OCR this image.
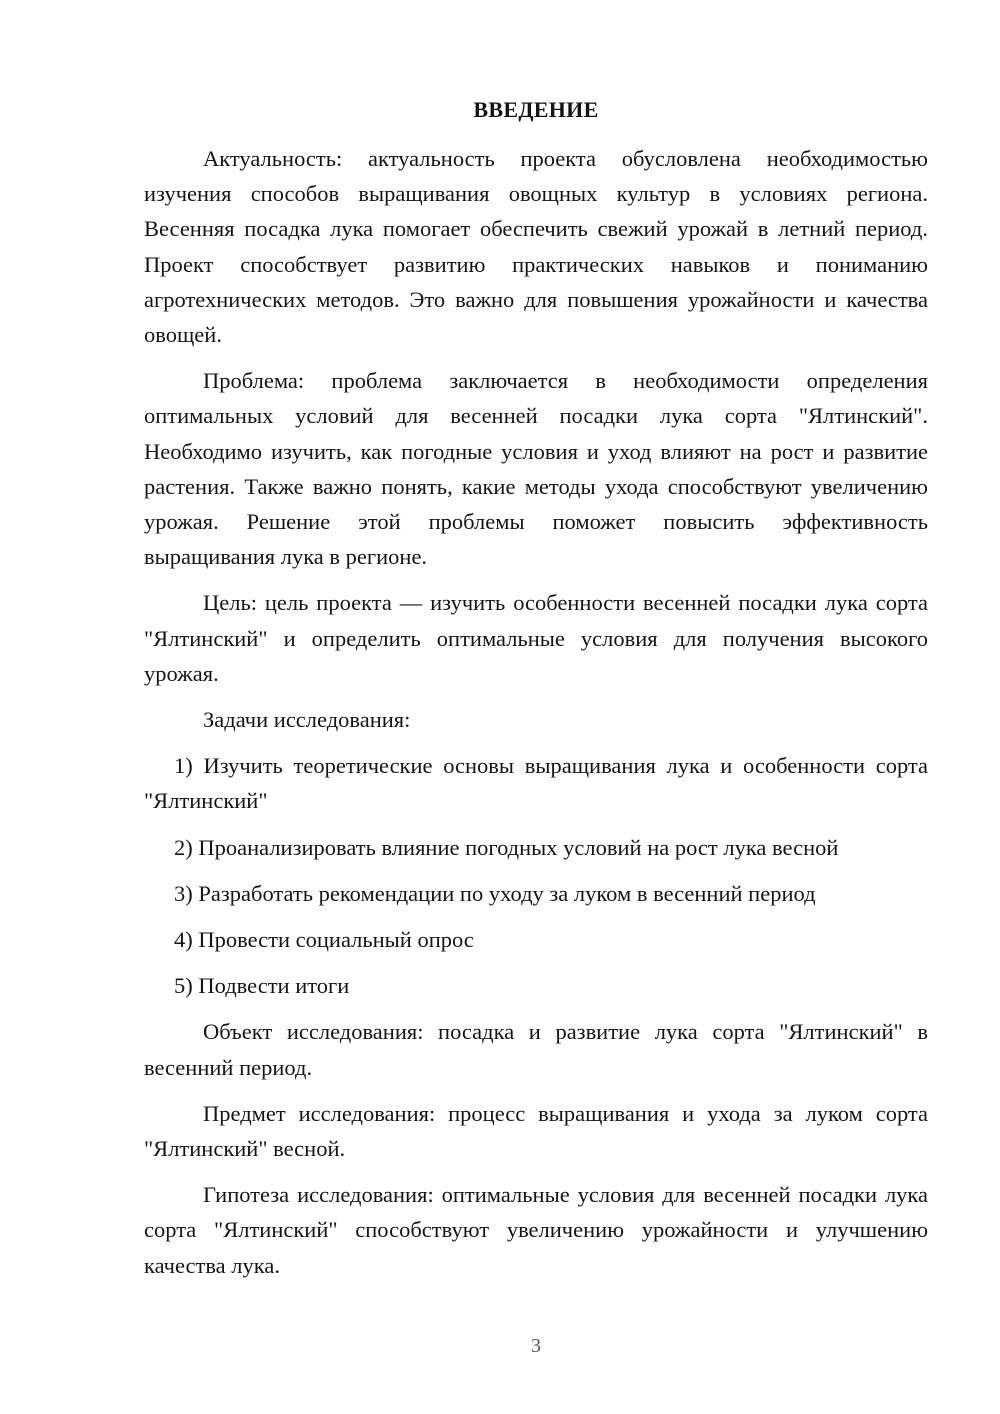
ВВЕДЕНИЕ

Актуальность: актуальность проекта обусловлена необходимостью изучения способов выращивания овощных культур в условиях региона. Весенняя посадка лука помогает обеспечить свежий урожай в летний период. Проект способствует развитию практических навыков и пониманию агротехнических методов. Это важно для повышения урожайности и качества овощей.

Проблема: проблема заключается в необходимости определения оптимальных условий для весенней посадки лука сорта "Ялтинский". Необходимо изучить, как погодные условия и уход влияют на рост и развитие растения. Также важно понять, какие методы ухода способствуют увеличению урожая. Решение этой проблемы поможет повысить эффективность выращивания лука в регионе.

Цель: цель проекта — изучить особенности весенней посадки лука сорта "Ялтинский" и определить оптимальные условия для получения высокого урожая.

Задачи исследования:

1) Изучить теоретические основы выращивания лука и особенности сорта "Ялтинский"

2) Проанализировать влияние погодных условий на рост лука весной

3) Разработать рекомендации по уходу за луком в весенний период

4) Провести социальный опрос

5) Подвести итоги

Объект исследования: посадка и развитие лука сорта "Ялтинский" в весенний период.

Предмет исследования: процесс выращивания и ухода за луком сорта "Ялтинский" весной.

Гипотеза исследования: оптимальные условия для весенней посадки лука сорта "Ялтинский" способствуют увеличению урожайности и улучшению качества лука.

3
